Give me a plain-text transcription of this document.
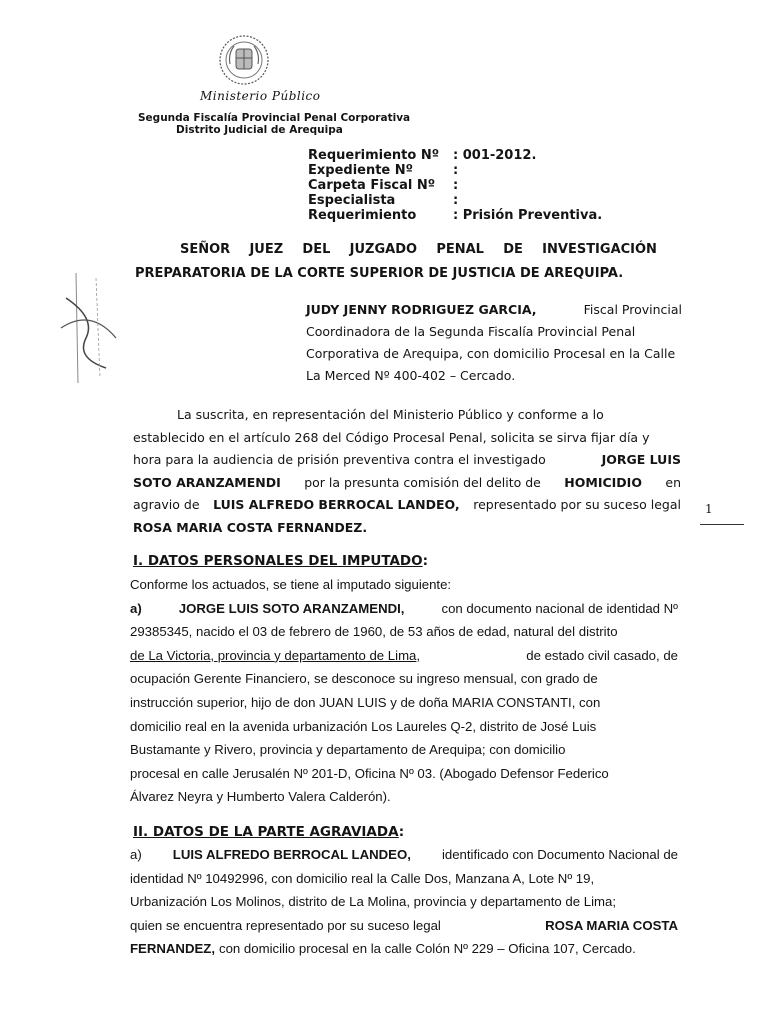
Ministerio Público
Segunda Fiscalía Provincial Penal Corporativa
Distrito Judicial de Arequipa
Requerimiento Nº	: 001-2012.
Expediente Nº	:
Carpeta Fiscal Nº	:
Especialista	:
Requerimiento	: Prisión Preventiva.
SEÑOR JUEZ DEL JUZGADO PENAL DE INVESTIGACIÓN
PREPARATORIA DE LA CORTE SUPERIOR DE JUSTICIA DE AREQUIPA.
JUDY JENNY RODRIGUEZ GARCIA,	Fiscal Provincial
Coordinadora de la Segunda Fiscalía Provincial Penal
Corporativa de Arequipa, con domicilio Procesal en la Calle
La Merced Nº 400-402 – Cercado.
La suscrita, en representación del Ministerio Público y conforme a lo
establecido en el artículo 268 del Código Procesal Penal, solicita se sirva fijar día y
hora para la audiencia de prisión preventiva contra el investigado	JORGE LUIS
SOTO ARANZAMENDI por la presunta comisión del delito de HOMICIDIO en
agravio de LUIS ALFREDO BERROCAL LANDEO, representado por su suceso legal
ROSA MARIA COSTA FERNANDEZ.
1
I. DATOS PERSONALES DEL IMPUTADO:
Conforme los actuados, se tiene al imputado siguiente:
a)	JORGE LUIS SOTO ARANZAMENDI,	con documento nacional de identidad Nº
29385345, nacido el 03 de febrero de 1960, de 53 años de edad, natural del distrito
de La Victoria, provincia y departamento de Lima,	de estado civil casado, de
ocupación Gerente Financiero, se desconoce su ingreso mensual, con grado de
instrucción superior, hijo de don JUAN LUIS y de doña MARIA CONSTANTI, con
domicilio real en la avenida urbanización Los Laureles Q-2, distrito de José Luis
Bustamante y Rivero, provincia y departamento de Arequipa; con domicilio
procesal en calle Jerusalén Nº 201-D, Oficina Nº 03. (Abogado Defensor Federico
Álvarez Neyra y Humberto Valera Calderón).
II. DATOS DE LA PARTE AGRAVIADA:
a) LUIS ALFREDO BERROCAL LANDEO, identificado con Documento Nacional de
identidad Nº 10492996, con domicilio real la Calle Dos, Manzana A, Lote Nº 19,
Urbanización Los Molinos, distrito de La Molina, provincia y departamento de Lima;
quien se encuentra representado por su suceso legal	ROSA MARIA COSTA
FERNANDEZ, con domicilio procesal en la calle Colón Nº 229 – Oficina 107, Cercado.
